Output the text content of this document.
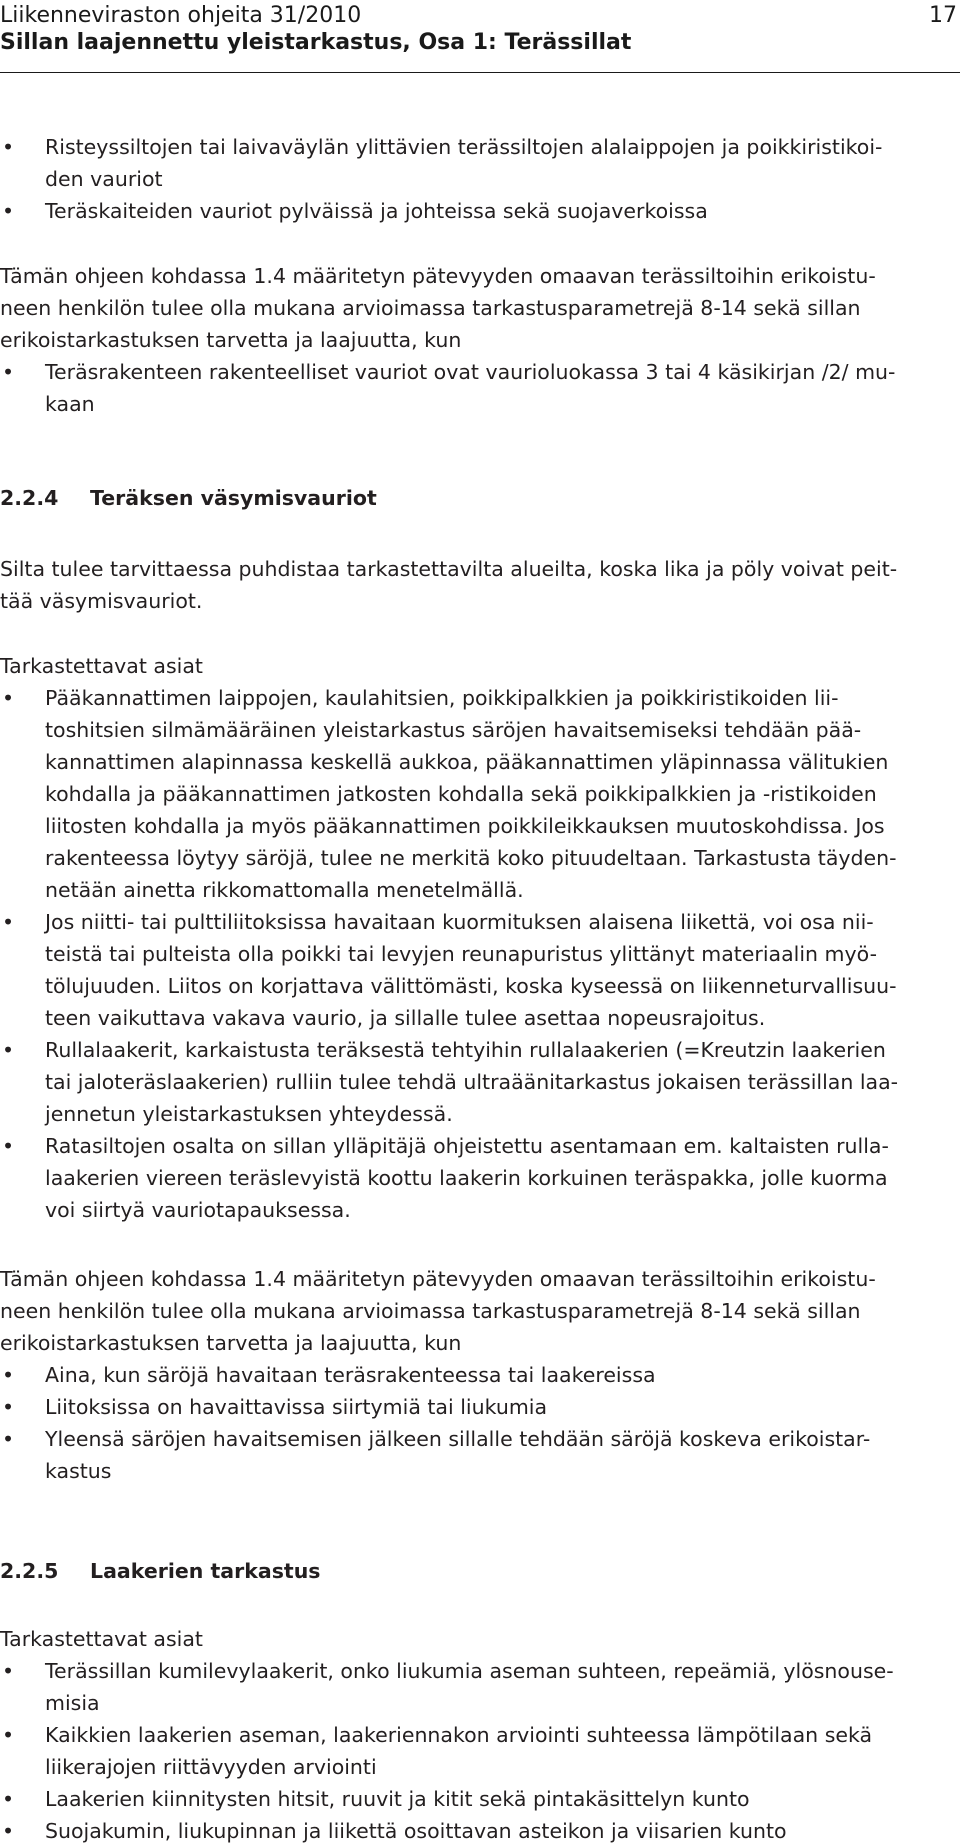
Liikenneviraston ohjeita 31/2010
Sillan laajennettu yleistarkastus, Osa 1: Terässillat
17
• Risteyssiltojen tai laivaväylän ylittävien terässiltojen alalaippojen ja poikkiristikoi-
den vauriot
• Teräskaiteiden vauriot pylväissä ja johteissa sekä suojaverkoissa
Tämän ohjeen kohdassa 1.4 määritetyn pätevyyden omaavan terässiltoihin erikoistu-
neen henkilön tulee olla mukana arvioimassa tarkastusparametrejä 8-14 sekä sillan
erikoistarkastuksen tarvetta ja laajuutta, kun
• Teräsrakenteen rakenteelliset vauriot ovat vaurioluokassa 3 tai 4 käsikirjan /2/ mu-
kaan
2.2.4 Teräksen väsymisvauriot
Silta tulee tarvittaessa puhdistaa tarkastettavilta alueilta, koska lika ja pöly voivat peit-
tää väsymisvauriot.
Tarkastettavat asiat
• Pääkannattimen laippojen, kaulahitsien, poikkipalkkien ja poikkiristikoiden lii-
toshitsien silmämääräinen yleistarkastus säröjen havaitsemiseksi tehdään pää-
kannattimen alapinnassa keskellä aukkoa, pääkannattimen yläpinnassa välitukien
kohdalla ja pääkannattimen jatkosten kohdalla sekä poikkipalkkien ja -ristikoiden
liitosten kohdalla ja myös pääkannattimen poikkileikkauksen muutoskohdissa. Jos
rakenteessa löytyy säröjä, tulee ne merkitä koko pituudeltaan. Tarkastusta täyden-
netään ainetta rikkomattomalla menetelmällä.
• Jos niitti- tai pulttiliitoksissa havaitaan kuormituksen alaisena liikettä, voi osa nii-
teistä tai pulteista olla poikki tai levyjen reunapuristus ylittänyt materiaalin myö-
tölujuuden. Liitos on korjattava välittömästi, koska kyseessä on liikenneturvallisuu-
teen vaikuttava vakava vaurio, ja sillalle tulee asettaa nopeusrajoitus.
• Rullalaakerit, karkaistusta teräksestä tehtyihin rullalaakerien (=Kreutzin laakerien
tai jaloteräslaakerien) rulliin tulee tehdä ultraäänitarkastus jokaisen terässillan laa-
jennetun yleistarkastuksen yhteydessä.
• Ratasiltojen osalta on sillan ylläpitäjä ohjeistettu asentamaan em. kaltaisten rulla-
laakerien viereen teräslevyistä koottu laakerin korkuinen teräspakka, jolle kuorma
voi siirtyä vauriotapauksessa.
Tämän ohjeen kohdassa 1.4 määritetyn pätevyyden omaavan terässiltoihin erikoistu-
neen henkilön tulee olla mukana arvioimassa tarkastusparametrejä 8-14 sekä sillan
erikoistarkastuksen tarvetta ja laajuutta, kun
• Aina, kun säröjä havaitaan teräsrakenteessa tai laakereissa
• Liitoksissa on havaittavissa siirtymiä tai liukumia
• Yleensä säröjen havaitsemisen jälkeen sillalle tehdään säröjä koskeva erikoistar-
kastus
2.2.5 Laakerien tarkastus
Tarkastettavat asiat
• Terässillan kumilevylaakerit, onko liukumia aseman suhteen, repeämiä, ylösnouse-
misia
• Kaikkien laakerien aseman, laakeriennakon arviointi suhteessa lämpötilaan sekä
liikerajojen riittävyyden arviointi
• Laakerien kiinnitysten hitsit, ruuvit ja kitit sekä pintakäsittelyn kunto
• Suojakumin, liukupinnan ja liikettä osoittavan asteikon ja viisarien kunto
